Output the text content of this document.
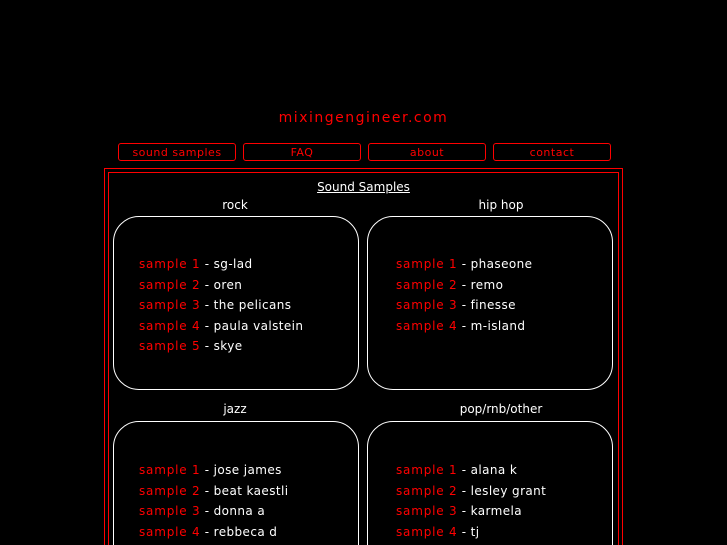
mixingengineer.com
sound samples	FAQ	about	contact
Sound Samples
rock
sample 1 - sg-lad
sample 2 - oren
sample 3 - the pelicans
sample 4 - paula valstein
sample 5 - skye
hip hop
sample 1 - phaseone
sample 2 - remo
sample 3 - finesse
sample 4 - m-island
jazz
sample 1 - jose james
sample 2 - beat kaestli
sample 3 - donna a
sample 4 - rebbeca d
pop/rnb/other
sample 1 - alana k
sample 2 - lesley grant
sample 3 - karmela
sample 4 - tj
